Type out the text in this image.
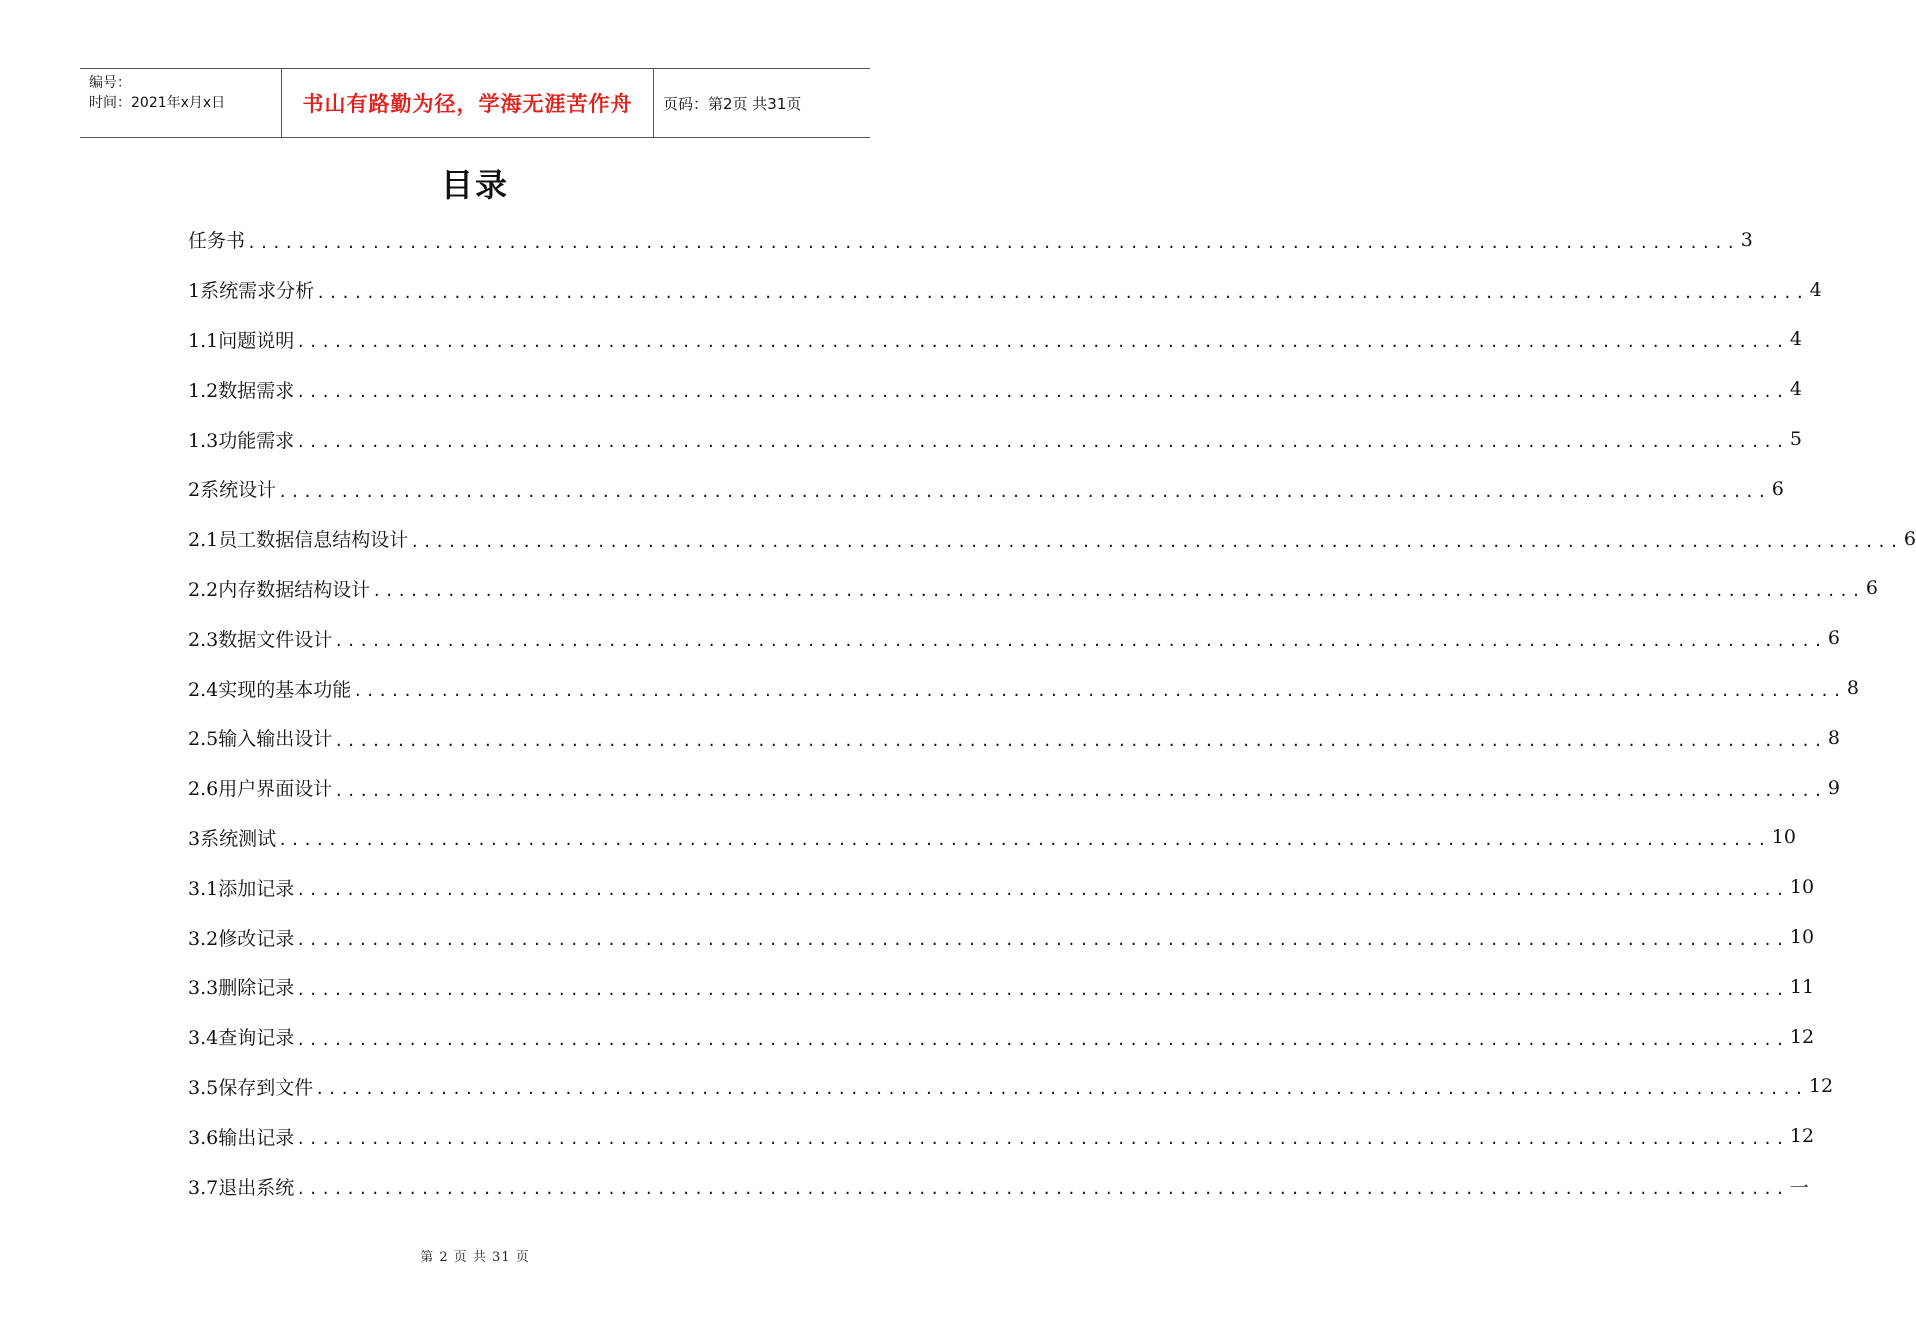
编号：
时间：2021年x月x日	书山有路勤为径，学海无涯苦作舟 页码：第2页 共31页
目录
任务书 ........................................................................................................................ 3
1系统需求分析 ........................................................................................................................ 4
1.1问题说明 ........................................................................................................................ 4
1.2数据需求 ........................................................................................................................ 4
1.3功能需求 ........................................................................................................................ 5
2系统设计 ........................................................................................................................ 6
2.1员工数据信息结构设计 ........................................................................................................................ 6
2.2内存数据结构设计 ........................................................................................................................ 6
2.3数据文件设计 ........................................................................................................................ 6
2.4实现的基本功能 ........................................................................................................................ 8
2.5输入输出设计 ........................................................................................................................ 8
2.6用户界面设计 ........................................................................................................................ 9
3系统测试 ........................................................................................................................ 10
3.1添加记录 ........................................................................................................................ 10
3.2修改记录 ........................................................................................................................ 10
3.3删除记录 ........................................................................................................................ 11
3.4查询记录 ........................................................................................................................ 12
3.5保存到文件 ........................................................................................................................ 12
3.6输出记录 ........................................................................................................................ 12
3.7退出系统 ........................................................................................................................ 一
第 2 页 共 31 页
